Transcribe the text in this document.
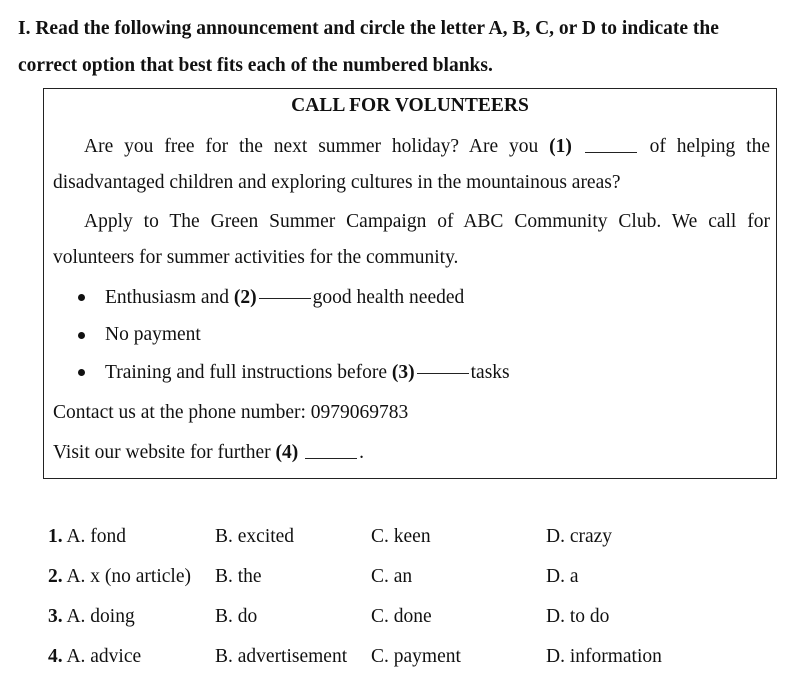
I. Read the following announcement and circle the letter A, B, C, or D to indicate the
correct option that best fits each of the numbered blanks.
CALL FOR VOLUNTEERS
Are you free for the next summer holiday? Are you (1)	of helping the disadvantaged children and exploring cultures in the mountainous areas?
Apply to The Green Summer Campaign of ABC Community Club. We call for volunteers for summer activities for the community.
Enthusiasm and
(2)	good health needed
No payment
Training and full instructions before
(3)	tasks
Contact us at the phone number: 0979069783
Visit our website for further (4)	.
1. A. fond	B. excited	C. keen	D. crazy
2. A. x (no article) B. the	C. an	D. a
3. A. doing	B. do	C. done	D. to do
4. A. advice	B. advertisement C. payment	D. information
